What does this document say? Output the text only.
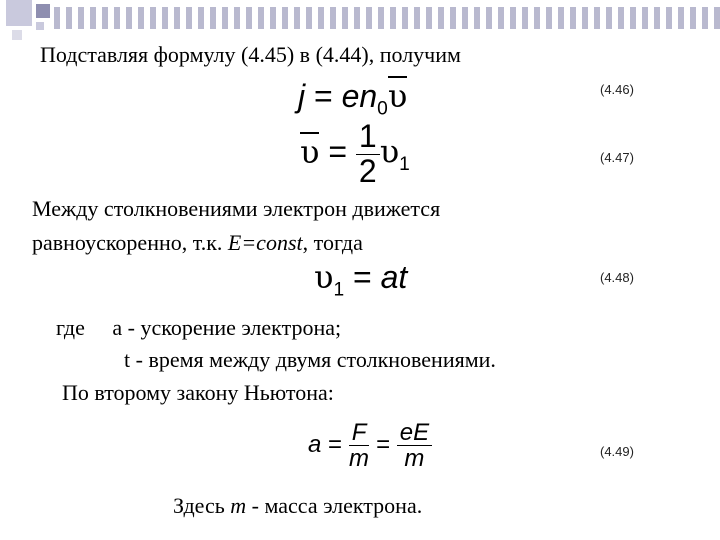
Подставляя формулу (4.45) в (4.44), получим
$j = en_0\upsilon$	(4.46)
$\upsilon = \frac{1}{2} \upsilon_1$	(4.47)
Между столкновениями электрон движется
равноускоренно, т.к. E=const, тогда
$\upsilon_1$ = at	(4.48)
где     а - ускорение электрона;
t - время между двумя столкновениями.
По второму закону Ньютона:
$a = \frac{F}{m} = \frac{eE}{m}$	(4.49)
Здесь m - масса электрона.
